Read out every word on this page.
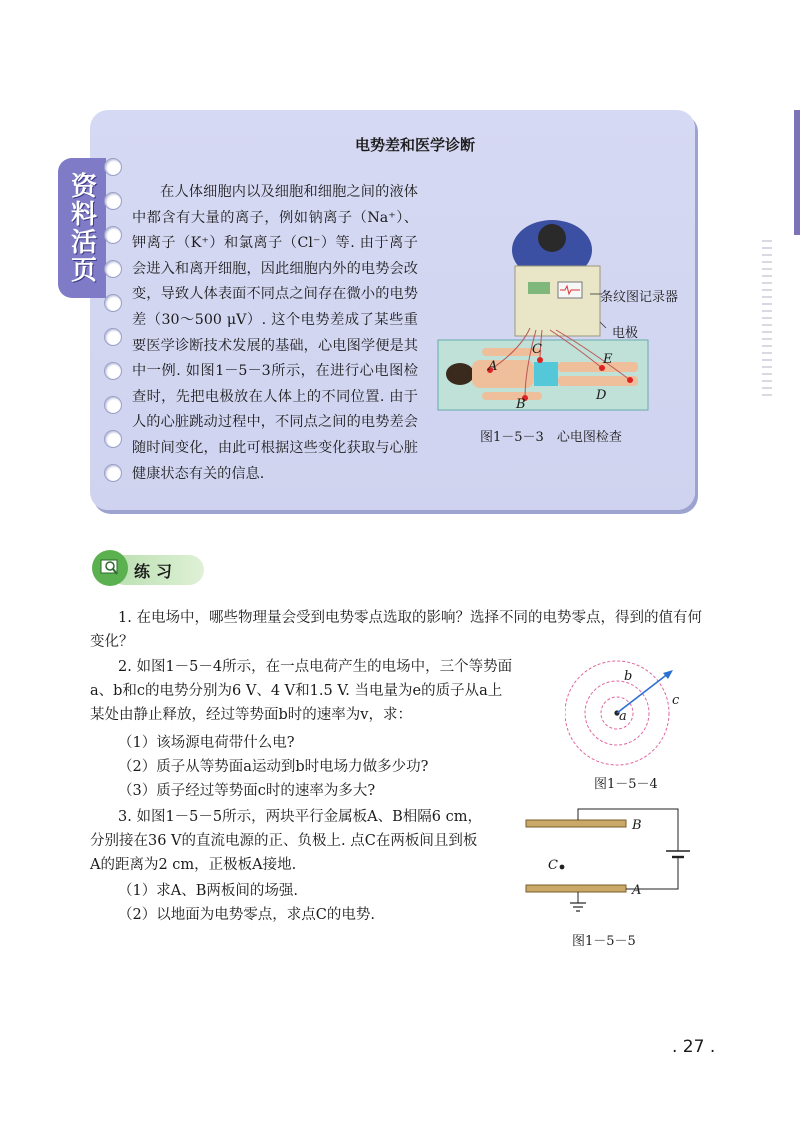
资料活页
电势差和医学诊断
在人体细胞内以及细胞和细胞之间的液体中都含有大量的离子，例如钠离子（Na⁺）、钾离子（K⁺）和氯离子（Cl⁻）等. 由于离子会进入和离开细胞，因此细胞内外的电势会改变，导致人体表面不同点之间存在微小的电势差（30～500 μV）. 这个电势差成了某些重要医学诊断技术发展的基础，心电图学便是其中一例. 如图1－5－3所示，在进行心电图检查时，先把电极放在人体上的不同位置. 由于人的心脏跳动过程中，不同点之间的电势差会随时间变化，由此可根据这些变化获取与心脏健康状态有关的信息.
条纹图记录器
电极
A
B
C
D
E
图1－5－3　心电图检查
练习
1. 在电场中，哪些物理量会受到电势零点选取的影响？选择不同的电势零点，得到的值有何变化？
2. 如图1－5－4所示，在一点电荷产生的电场中，三个等势面
a、b和c的电势分别为6 V、4 V和1.5 V. 当电量为e的质子从a上
某处由静止释放，经过等势面b时的速率为v，求：
（1）该场源电荷带什么电?
（2）质子从等势面a运动到b时电场力做多少功?
（3）质子经过等势面c时的速率为多大?
a
b
c
图1－5－4
3. 如图1－5－5所示，两块平行金属板A、B相隔6 cm，
分别接在36 V的直流电源的正、负极上. 点C在两板间且到板
A的距离为2 cm，正极板A接地.
（1）求A、B两板间的场强.
（2）以地面为电势零点，求点C的电势.
B
A
C
图1－5－5
. 27 .
